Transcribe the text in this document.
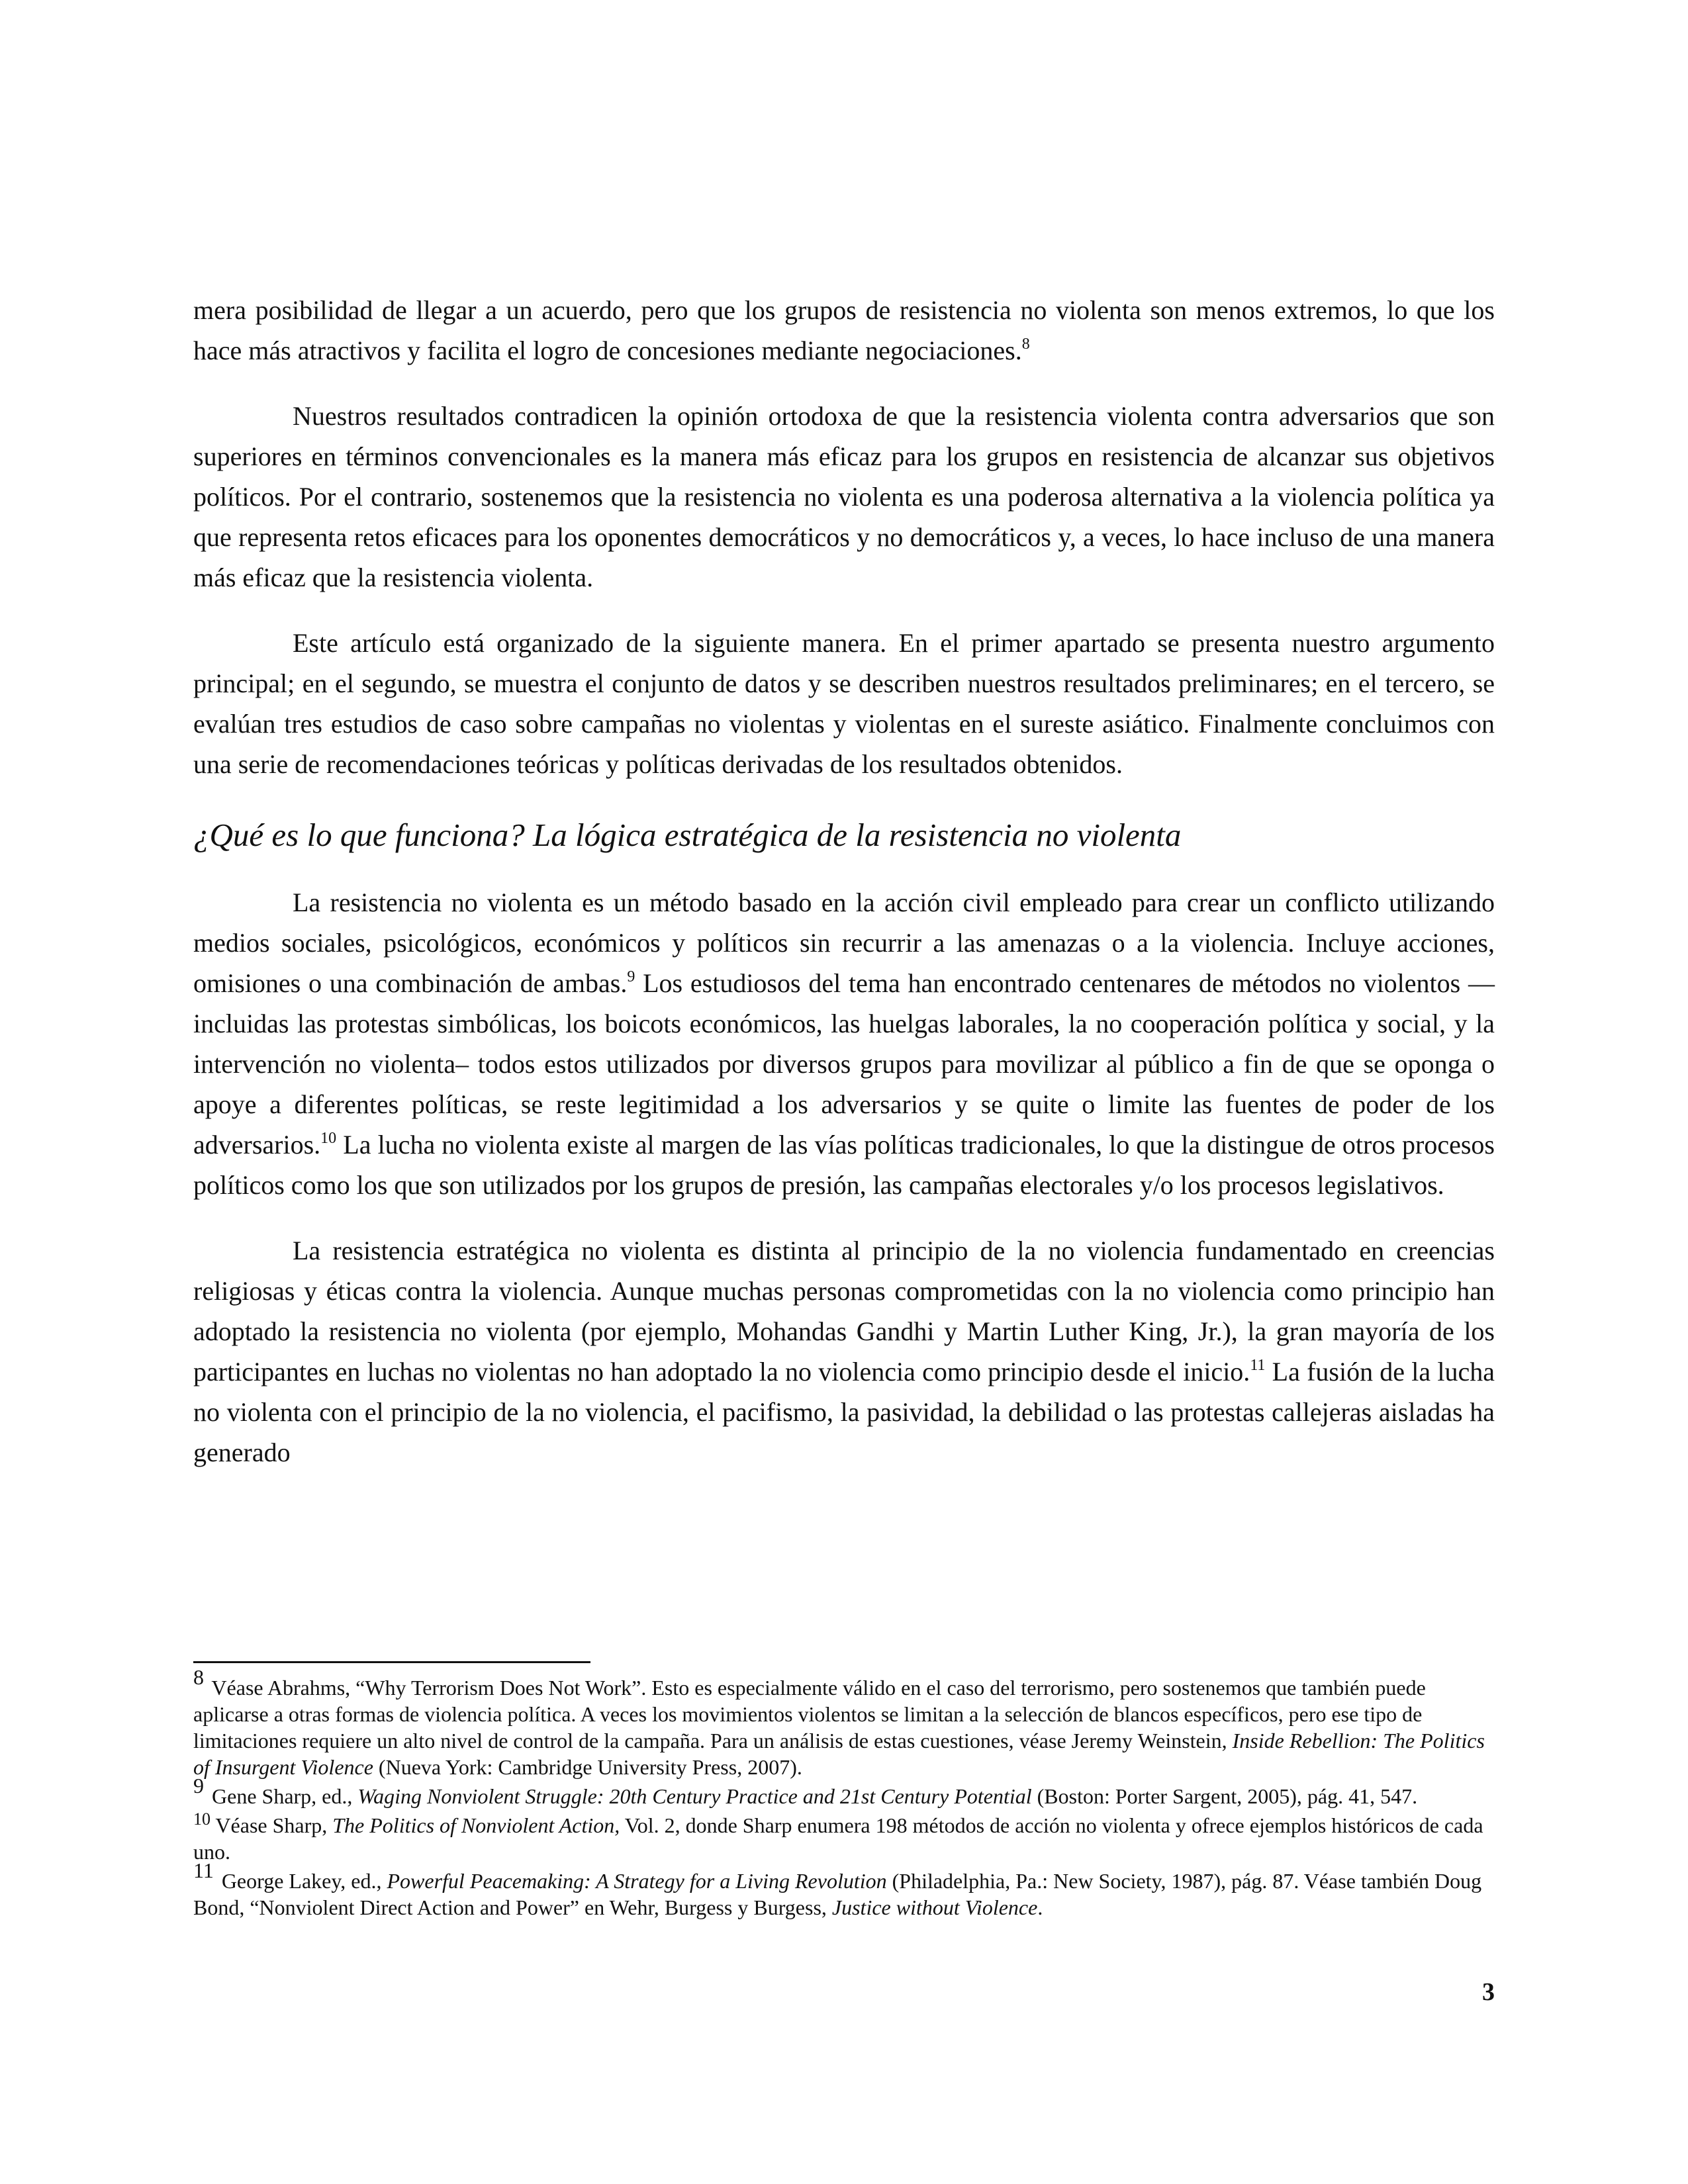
mera posibilidad de llegar a un acuerdo, pero que los grupos de resistencia no violenta son menos extremos, lo que los hace más atractivos y facilita el logro de concesiones mediante negociaciones.$^8$

Nuestros resultados contradicen la opinión ortodoxa de que la resistencia violenta contra adversarios que son superiores en términos convencionales es la manera más eficaz para los grupos en resistencia de alcanzar sus objetivos políticos. Por el contrario, sostenemos que la resistencia no violenta es una poderosa alternativa a la violencia política ya que representa retos eficaces para los oponentes democráticos y no democráticos y, a veces, lo hace incluso de una manera más eficaz que la resistencia violenta.

Este artículo está organizado de la siguiente manera. En el primer apartado se presenta nuestro argumento principal; en el segundo, se muestra el conjunto de datos y se describen nuestros resultados preliminares; en el tercero, se evalúan tres estudios de caso sobre campañas no violentas y violentas en el sureste asiático. Finalmente concluimos con una serie de recomendaciones teóricas y políticas derivadas de los resultados obtenidos.

¿Qué es lo que funciona? La lógica estratégica de la resistencia no violenta

La resistencia no violenta es un método basado en la acción civil empleado para crear un conflicto utilizando medios sociales, psicológicos, económicos y políticos sin recurrir a las amenazas o a la violencia. Incluye acciones, omisiones o una combinación de ambas.$^9$ Los estudiosos del tema han encontrado centenares de métodos no violentos —incluidas las protestas simbólicas, los boicots económicos, las huelgas laborales, la no cooperación política y social, y la intervención no violenta– todos estos utilizados por diversos grupos para movilizar al público a fin de que se oponga o apoye a diferentes políticas, se reste legitimidad a los adversarios y se quite o limite las fuentes de poder de los adversarios.$^{10}$ La lucha no violenta existe al margen de las vías políticas tradicionales, lo que la distingue de otros procesos políticos como los que son utilizados por los grupos de presión, las campañas electorales y/o los procesos legislativos.

La resistencia estratégica no violenta es distinta al principio de la no violencia fundamentado en creencias religiosas y éticas contra la violencia. Aunque muchas personas comprometidas con la no violencia como principio han adoptado la resistencia no violenta (por ejemplo, Mohandas Gandhi y Martin Luther King, Jr.), la gran mayoría de los participantes en luchas no violentas no han adoptado la no violencia como principio desde el inicio.$^{11}$ La fusión de la lucha no violenta con el principio de la no violencia, el pacifismo, la pasividad, la debilidad o las protestas callejeras aisladas ha generado

$^8$ Véase Abrahms, “Why Terrorism Does Not Work”. Esto es especialmente válido en el caso del terrorismo, pero sostenemos que también puede aplicarse a otras formas de violencia política. A veces los movimientos violentos se limitan a la selección de blancos específicos, pero ese tipo de limitaciones requiere un alto nivel de control de la campaña. Para un análisis de estas cuestiones, véase Jeremy Weinstein, Inside Rebellion: The Politics of Insurgent Violence (Nueva York: Cambridge University Press, 2007).

$^9$ Gene Sharp, ed., Waging Nonviolent Struggle: 20th Century Practice and 21st Century Potential (Boston: Porter Sargent, 2005), pág. 41, 547.

$^{10}$ Véase Sharp, The Politics of Nonviolent Action, Vol. 2, donde Sharp enumera 198 métodos de acción no violenta y ofrece ejemplos históricos de cada uno.

$^{11}$ George Lakey, ed., Powerful Peacemaking: A Strategy for a Living Revolution (Philadelphia, Pa.: New Society, 1987), pág. 87. Véase también Doug Bond, “Nonviolent Direct Action and Power” en Wehr, Burgess y Burgess, Justice without Violence.

3
